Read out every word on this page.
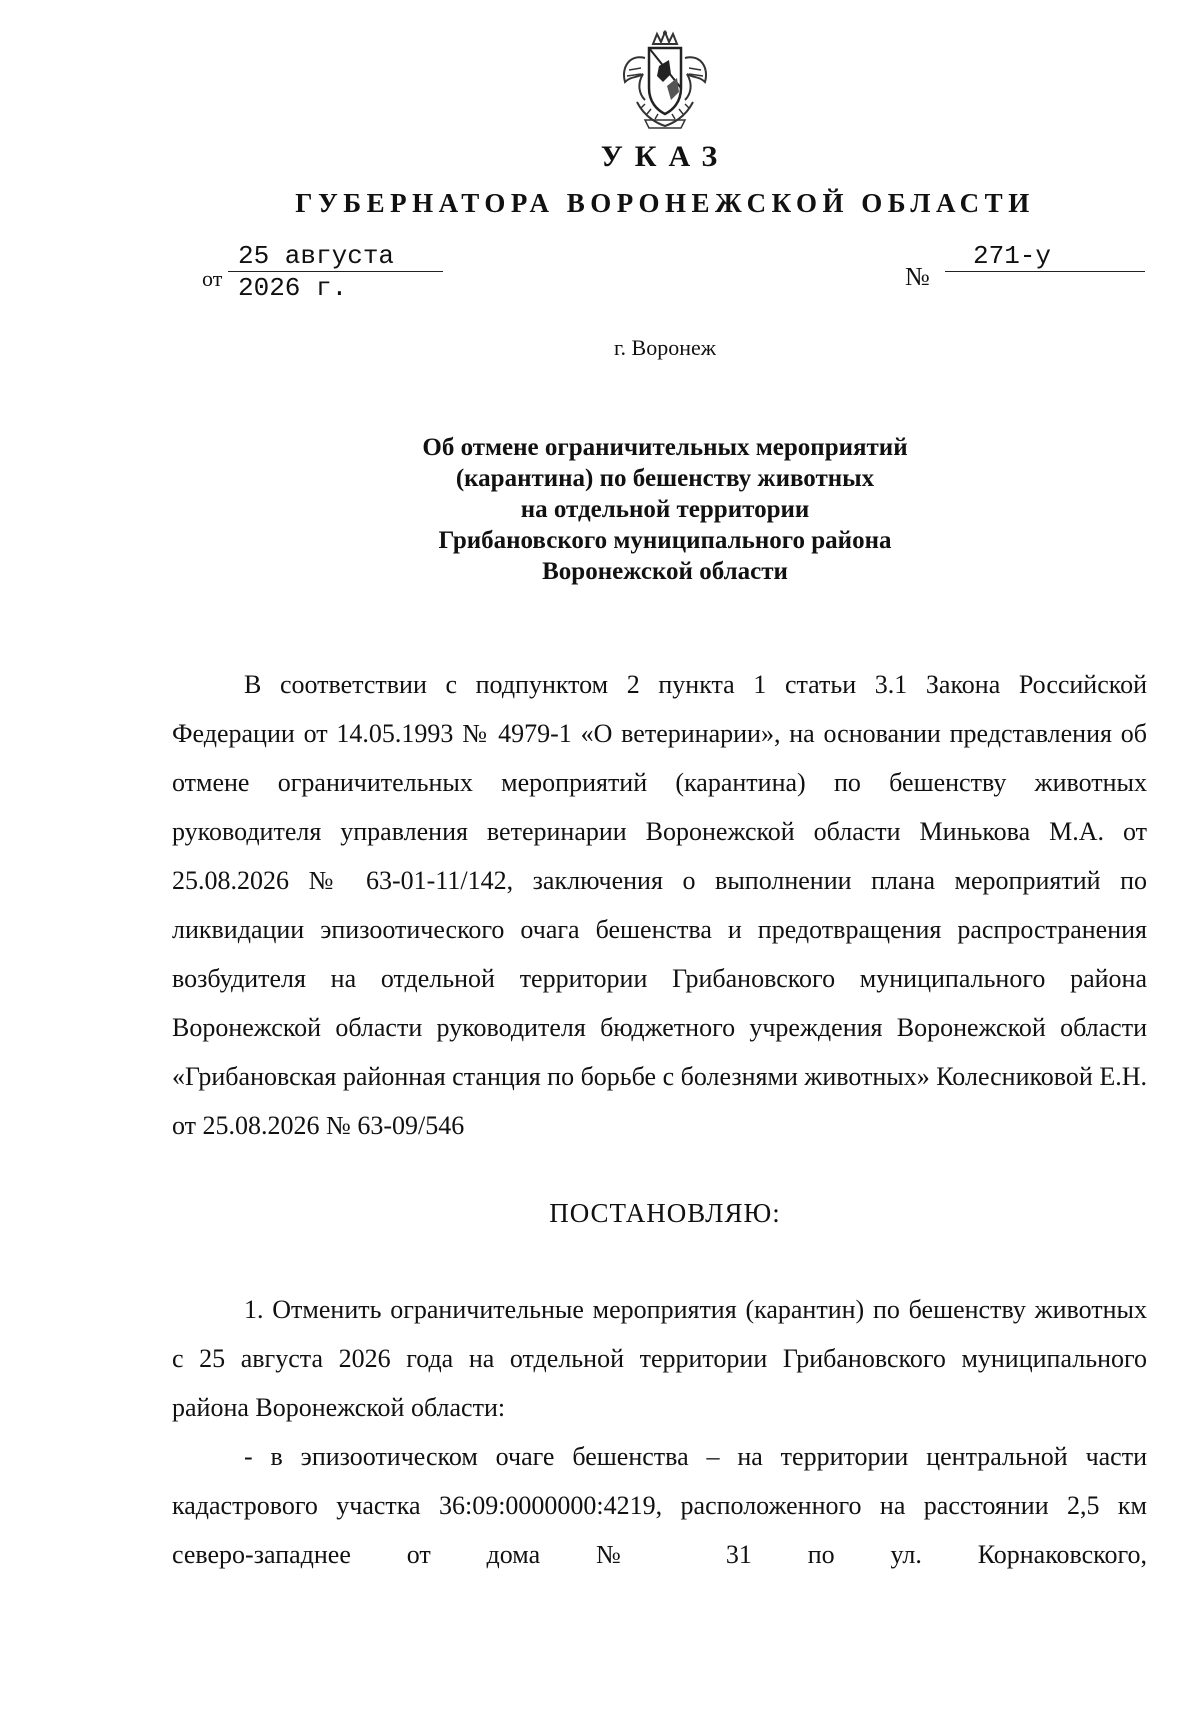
УКАЗ
ГУБЕРНАТОРА ВОРОНЕЖСКОЙ ОБЛАСТИ
от
25 августа 2026 г.	№
271-у
г. Воронеж
Об отмене ограничительных мероприятий
(карантина) по бешенству животных
на отдельной территории
Грибановского муниципального района
Воронежской области
В соответствии с подпунктом 2 пункта 1 статьи 3.1 Закона Российской Федерации от 14.05.1993 № 4979-1 «О ветеринарии», на основании представления об отмене ограничительных мероприятий (карантина) по бешенству животных руководителя управления ветеринарии Воронежской области Минькова М.А. от 25.08.2026 № 63-01-11/142, заключения о выполнении плана мероприятий по ликвидации эпизоотического очага бешенства и предотвращения распространения возбудителя на отдельной территории Грибановского муниципального района Воронежской области руководителя бюджетного учреждения Воронежской области «Грибановская районная станция по борьбе с болезнями животных» Колесниковой Е.Н. от 25.08.2026 № 63-09/546
ПОСТАНОВЛЯЮ:
1. Отменить ограничительные мероприятия (карантин) по бешенству животных с 25 августа 2026 года на отдельной территории Грибановского муниципального района Воронежской области:
- в эпизоотическом очаге бешенства – на территории центральной части кадастрового участка 36:09:0000000:4219, расположенного на расстоянии 2,5 км северо-западнее от дома № 31 по ул. Корнаковского,
